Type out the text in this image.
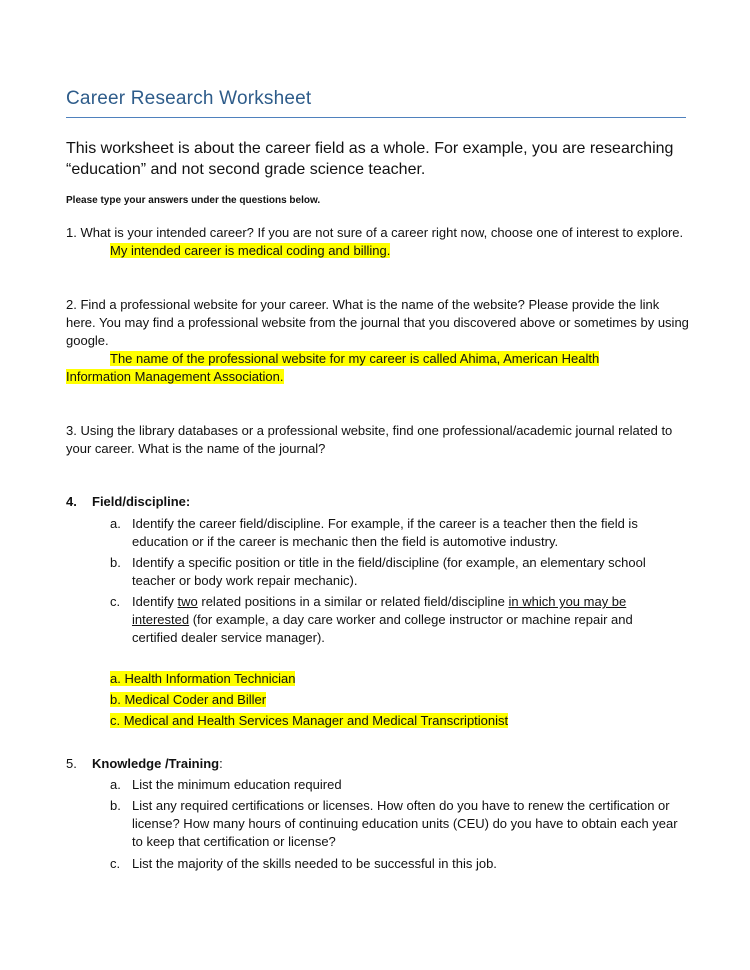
Career Research Worksheet
This worksheet is about the career field as a whole. For example, you are researching “education” and not second grade science teacher.
Please type your answers under the questions below.
1. What is your intended career? If you are not sure of a career right now, choose one of interest to explore.
My intended career is medical coding and billing.
2. Find a professional website for your career. What is the name of the website? Please provide the link here. You may find a professional website from the journal that you discovered above or sometimes by using google.
The name of the professional website for my career is called Ahima, American Health
Information Management Association.
3. Using the library databases or a professional website, find one professional/academic journal related to your career. What is the name of the journal?
4. Field/discipline:
a. Identify the career field/discipline. For example, if the career is a teacher then the field is education or if the career is mechanic then the field is automotive industry.
b. Identify a specific position or title in the field/discipline (for example, an elementary school teacher or body work repair mechanic).
c. Identify two related positions in a similar or related field/discipline in which you may be interested (for example, a day care worker and college instructor or machine repair and certified dealer service manager).
a. Health Information Technician
b. Medical Coder and Biller
c. Medical and Health Services Manager and Medical Transcriptionist
5. Knowledge /Training:
a. List the minimum education required
b. List any required certifications or licenses. How often do you have to renew the certification or license? How many hours of continuing education units (CEU) do you have to obtain each year to keep that certification or license?
c. List the majority of the skills needed to be successful in this job.
